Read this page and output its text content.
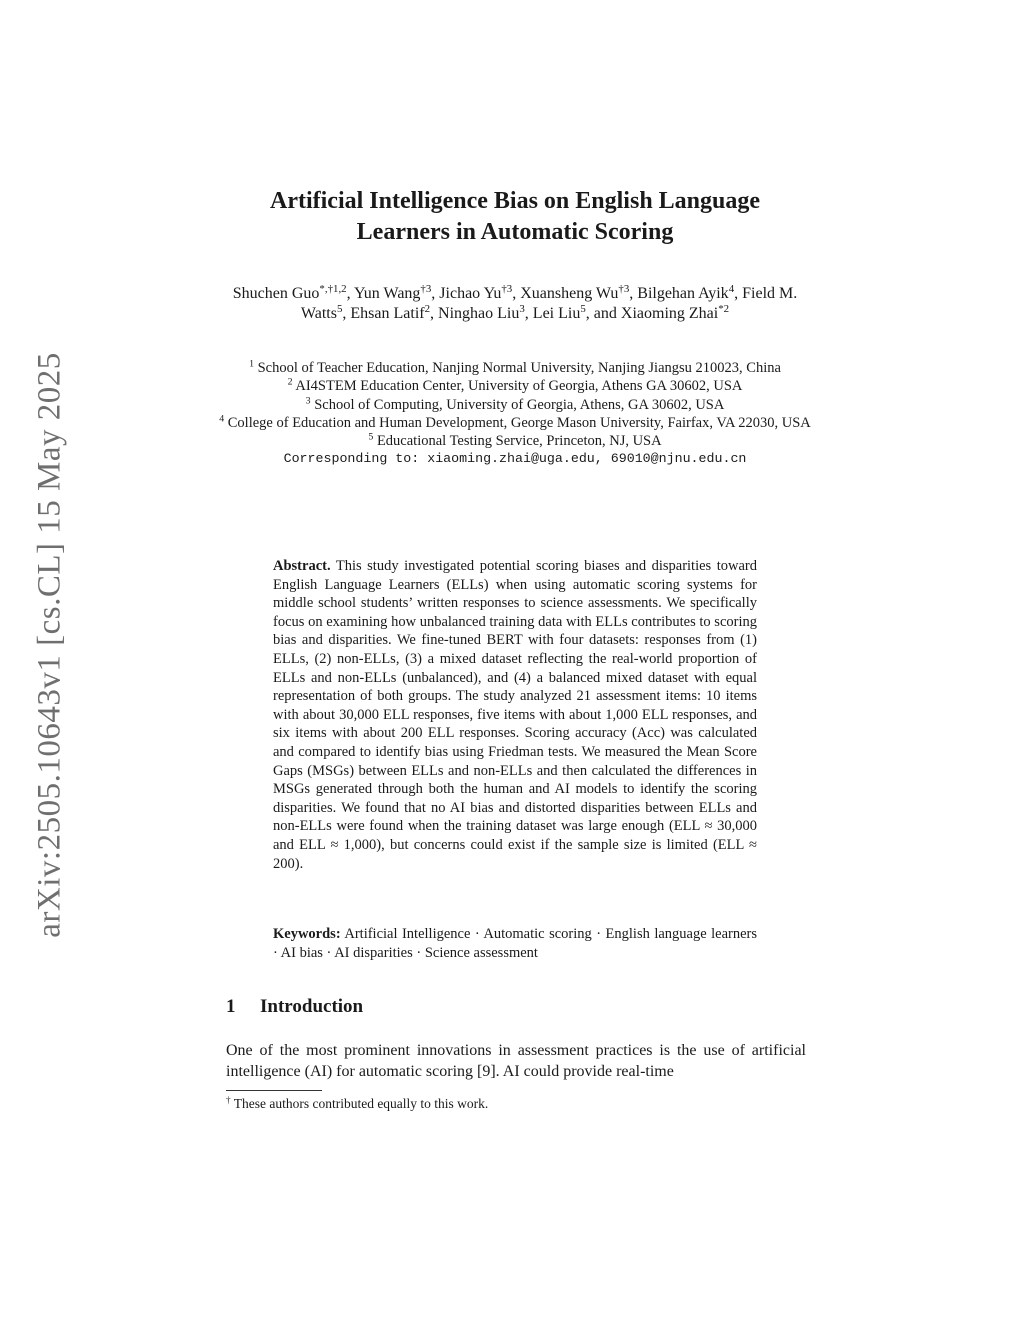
arXiv:2505.10643v1 [cs.CL] 15 May 2025
Artificial Intelligence Bias on English Language
Learners in Automatic Scoring
Shuchen Guo$^{*,\dagger 1,2}$, Yun Wang$^{\dagger 3}$, Jichao Yu$^{\dagger 3}$, Xuansheng Wu$^{\dagger 3}$, Bilgehan Ayik$^4$, Field M. Watts$^5$, Ehsan Latif$^2$, Ninghao Liu$^3$, Lei Liu$^5$, and Xiaoming Zhai$^{*2}$
$^1$ School of Teacher Education, Nanjing Normal University, Nanjing Jiangsu 210023, China
$^2$ AI4STEM Education Center, University of Georgia, Athens GA 30602, USA
$^3$ School of Computing, University of Georgia, Athens, GA 30602, USA
$^4$ College of Education and Human Development, George Mason University, Fairfax, VA 22030, USA
$^5$ Educational Testing Service, Princeton, NJ, USA
Corresponding to: xiaoming.zhai@uga.edu, 69010@njnu.edu.cn
Abstract. This study investigated potential scoring biases and disparities toward English Language Learners (ELLs) when using automatic scoring systems for middle school students’ written responses to science assessments. We specifically focus on examining how unbalanced training data with ELLs contributes to scoring bias and disparities. We fine-tuned BERT with four datasets: responses from (1) ELLs, (2) non-ELLs, (3) a mixed dataset reflecting the real-world proportion of ELLs and non-ELLs (unbalanced), and (4) a balanced mixed dataset with equal representation of both groups. The study analyzed 21 assessment items: 10 items with about 30,000 ELL responses, five items with about 1,000 ELL responses, and six items with about 200 ELL responses. Scoring accuracy (Acc) was calculated and compared to identify bias using Friedman tests. We measured the Mean Score Gaps (MSGs) between ELLs and non-ELLs and then calculated the differences in MSGs generated through both the human and AI models to identify the scoring disparities. We found that no AI bias and distorted disparities between ELLs and non-ELLs were found when the training dataset was large enough (ELL ≈ 30,000 and ELL ≈ 1,000), but concerns could exist if the sample size is limited (ELL ≈ 200).
Keywords: Artificial Intelligence · Automatic scoring · English language learners · AI bias · AI disparities · Science assessment
1 Introduction
One of the most prominent innovations in assessment practices is the use of artificial intelligence (AI) for automatic scoring [9]. AI could provide real-time
† These authors contributed equally to this work.
